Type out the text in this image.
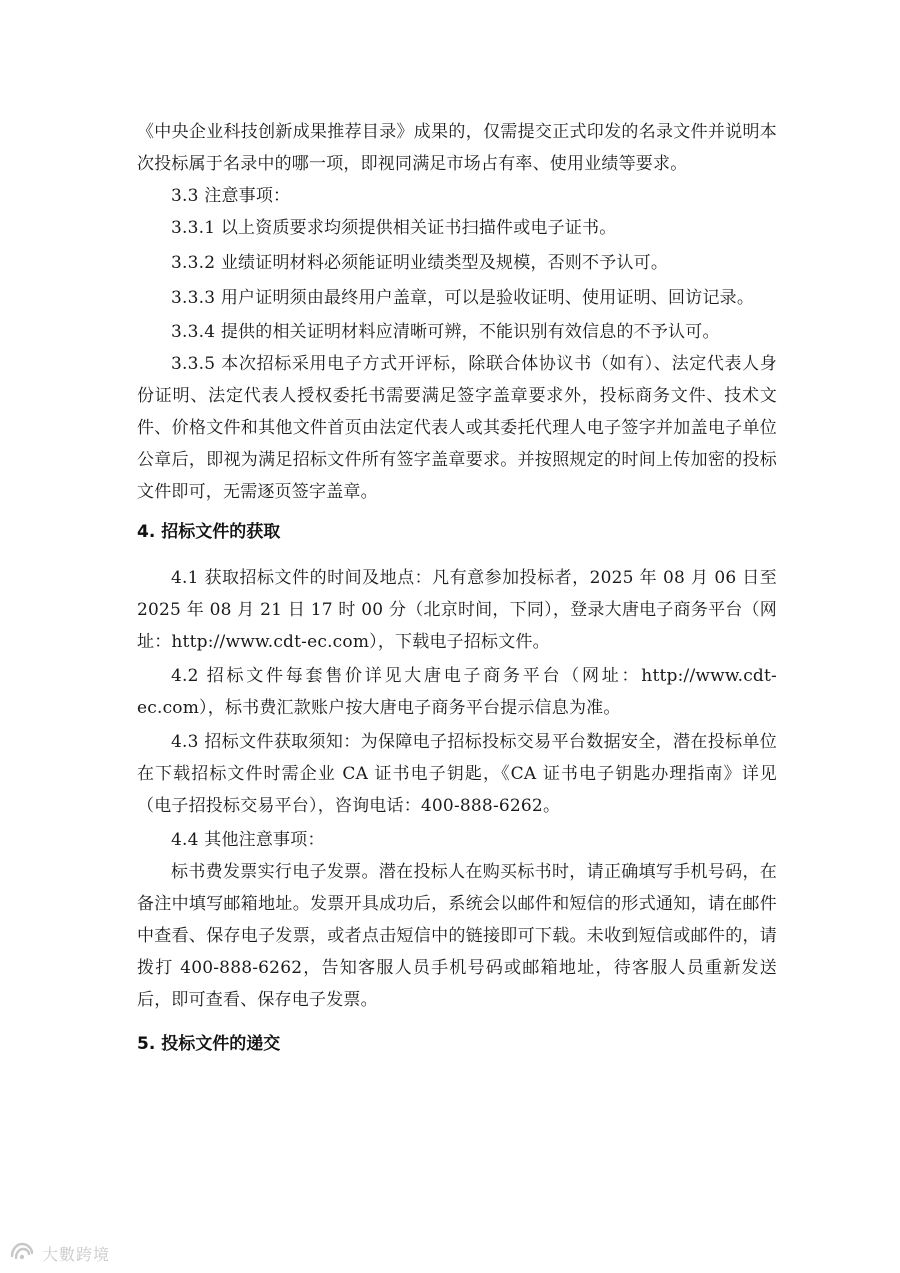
《中央企业科技创新成果推荐目录》成果的，仅需提交正式印发的名录文件并说明本次投标属于名录中的哪一项，即视同满足市场占有率、使用业绩等要求。

3.3 注意事项：

3.3.1 以上资质要求均须提供相关证书扫描件或电子证书。

3.3.2 业绩证明材料必须能证明业绩类型及规模，否则不予认可。

3.3.3 用户证明须由最终用户盖章，可以是验收证明、使用证明、回访记录。

3.3.4 提供的相关证明材料应清晰可辨，不能识别有效信息的不予认可。

3.3.5 本次招标采用电子方式开评标，除联合体协议书（如有）、法定代表人身份证明、法定代表人授权委托书需要满足签字盖章要求外，投标商务文件、技术文件、价格文件和其他文件首页由法定代表人或其委托代理人电子签字并加盖电子单位公章后，即视为满足招标文件所有签字盖章要求。并按照规定的时间上传加密的投标文件即可，无需逐页签字盖章。

4. 招标文件的获取

4.1 获取招标文件的时间及地点：凡有意参加投标者，2025 年 08 月 06 日至 2025 年 08 月 21 日 17 时 00 分（北京时间，下同），登录大唐电子商务平台（网址：http://www.cdt-ec.com），下载电子招标文件。

4.2 招标文件每套售价详见大唐电子商务平台（网址：http://www.cdt-ec.com），标书费汇款账户按大唐电子商务平台提示信息为准。

4.3 招标文件获取须知：为保障电子招标投标交易平台数据安全，潜在投标单位在下载招标文件时需企业 CA 证书电子钥匙，《CA 证书电子钥匙办理指南》详见（电子招投标交易平台），咨询电话：400-888-6262。

4.4 其他注意事项：

标书费发票实行电子发票。潜在投标人在购买标书时，请正确填写手机号码，在备注中填写邮箱地址。发票开具成功后，系统会以邮件和短信的形式通知，请在邮件中查看、保存电子发票，或者点击短信中的链接即可下载。未收到短信或邮件的，请拨打 400-888-6262，告知客服人员手机号码或邮箱地址，待客服人员重新发送后，即可查看、保存电子发票。

5. 投标文件的递交
大數跨境
